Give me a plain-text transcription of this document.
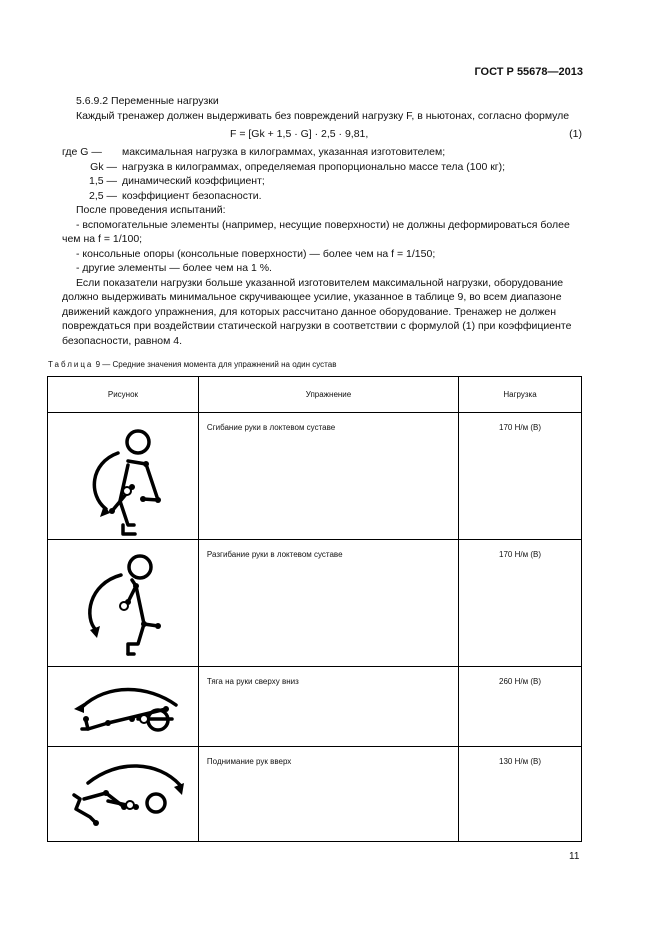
ГОСТ Р 55678—2013

5.6.9.2 Переменные нагрузки

Каждый тренажер должен выдерживать без повреждений нагрузку F, в ньютонах, согласно формуле

F = [Gk + 1,5 · G] · 2,5 · 9,81,	(1)
где G —	максимальная нагрузка в килограммах, указанная изготовителем;
Gk — нагрузка в килограммах, определяемая пропорционально массе тела (100 кг);
1,5 — динамический коэффициент;
2,5 — коэффициент безопасности.

После проведения испытаний:

- вспомогательные элементы (например, несущие поверхности) не должны деформироваться более чем на f = 1/100;

- консольные опоры (консольные поверхности) — более чем на f = 1/150;

- другие элементы — более чем на 1 %.

Если показатели нагрузки больше указанной изготовителем максимальной нагрузки, оборудование должно выдерживать минимальное скручивающее усилие, указанное в таблице 9, во всем диапазоне движений каждого упражнения, для которых рассчитано данное оборудование. Тренажер не должен повреждаться при воздействии статической нагрузки в соответствии с формулой (1) при коэффициенте безопасности, равном 4.

Таблица 9 — Средние значения момента для упражнений на один сустав
Рисунок	Упражнение	Нагрузка

	Сгибание руки в локтевом суставе	170 Н/м (В)

	Разгибание руки в локтевом суставе	170 Н/м (В)

	Тяга на руки сверху вниз	260 Н/м (В)

	Поднимание рук вверх	130 Н/м (В)
11
